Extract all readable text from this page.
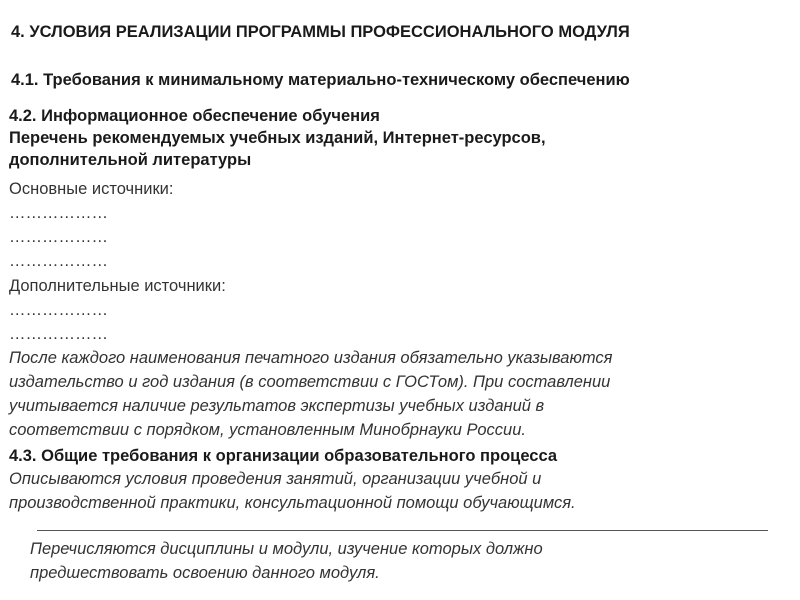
4. УСЛОВИЯ РЕАЛИЗАЦИИ ПРОГРАММЫ ПРОФЕССИОНАЛЬНОГО МОДУЛЯ
4.1. Требования к минимальному материально-техническому обеспечению
4.2. Информационное обеспечение обучения
Перечень рекомендуемых учебных изданий, Интернет-ресурсов,
дополнительной литературы
Основные источники:
………………
………………
………………
Дополнительные источники:
………………
………………
После каждого наименования печатного издания обязательно указываются
издательство и год издания (в соответствии с ГОСТом). При составлении
учитывается наличие результатов экспертизы учебных изданий в
соответствии с порядком, установленным Минобрнауки России.
4.3. Общие требования к организации образовательного процесса
Описываются условия проведения занятий, организации учебной и
производственной практики, консультационной помощи обучающимся.
Перечисляются дисциплины и модули, изучение которых должно
предшествовать освоению данного модуля.
